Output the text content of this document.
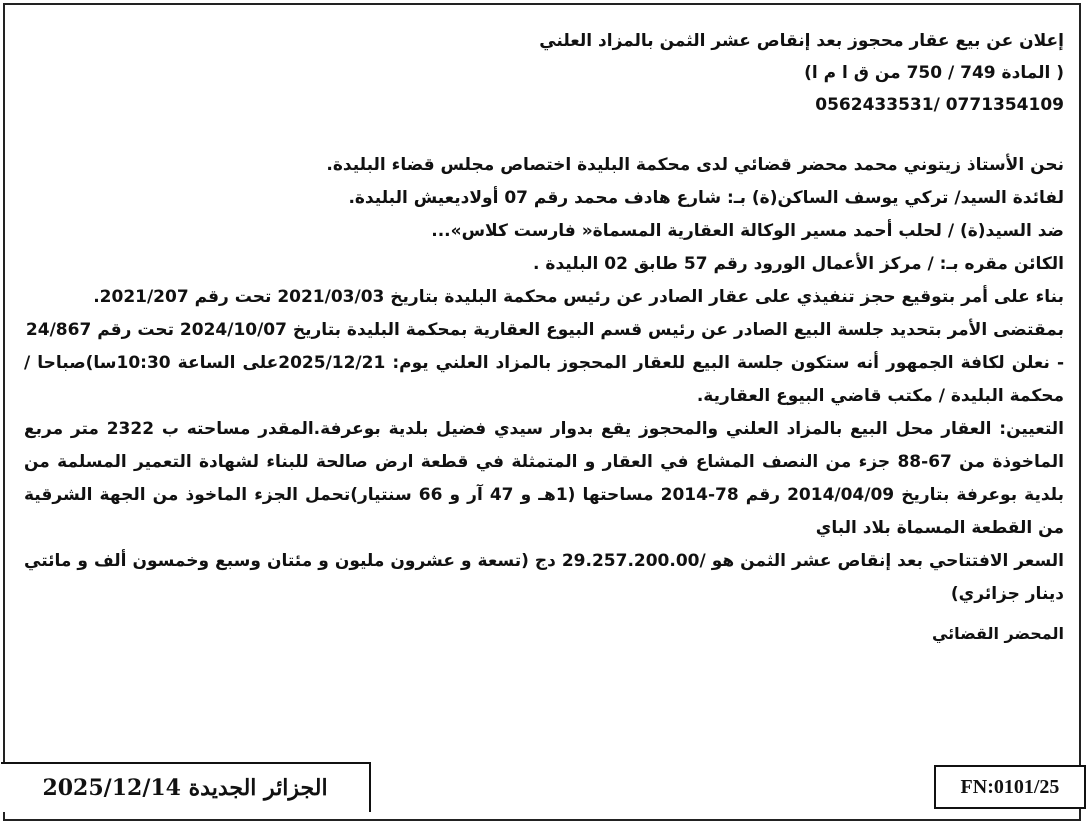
إعلان عن بيع عقار محجوز بعد إنقاص عشر الثمن بالمزاد العلني
( المادة 749 / 750 من ق ا م ا)
0771354109 /0562433531
نحن الأستاذ زيتوني محمد محضر قضائي لدى محكمة البليدة اختصاص مجلس قضاء البليدة.
لفائدة السيد/ تركي يوسف الساكن(ة) بـ: شارع هادف محمد رقم 07 أولاديعيش البليدة.
ضد السيد(ة) / لحلب أحمد مسير الوكالة العقارية المسماة« فارست كلاس»...
الكائن مقره بـ: / مركز الأعمال الورود رقم 57 طابق 02 البليدة .
بناء على أمر بتوقيع حجز تنفيذي على عقار الصادر عن رئيس محكمة البليدة بتاريخ 2021/03/03 تحت رقم 2021/207.
بمقتضى الأمر بتحديد جلسة البيع الصادر عن رئيس قسم البيوع العقارية بمحكمة البليدة بتاريخ 2024/10/07 تحت رقم 24/867
- نعلن لكافة الجمهور أنه ستكون جلسة البيع للعقار المحجوز بالمزاد العلني يوم: 2025/12/21على الساعة 10:30سا)صباحا / محكمة البليدة / مكتب قاضي البيوع العقارية.
التعيين: العقار محل البيع بالمزاد العلني والمحجوز يقع بدوار سيدي فضيل بلدية بوعرفة.المقدر مساحته ب 2322 متر مربع الماخوذة من 67-88 جزء من النصف المشاع في العقار و المتمثلة في قطعة ارض صالحة للبناء لشهادة التعمير المسلمة من بلدية بوعرفة بتاريخ 2014/04/09 رقم 78-2014 مساحتها (1هـ و 47 آر و 66 سنتيار)تحمل الجزء الماخوذ من الجهة الشرقية من القطعة المسماة بلاد الباي
السعر الافتتاحي بعد إنقاص عشر الثمن هو /29.257.200.00 دج (تسعة و عشرون مليون و مئتان وسبع وخمسون ألف و مائتي دينار جزائري)
المحضر القضائي
الجزائر الجديدة 2025/12/14	FN:0101/25
